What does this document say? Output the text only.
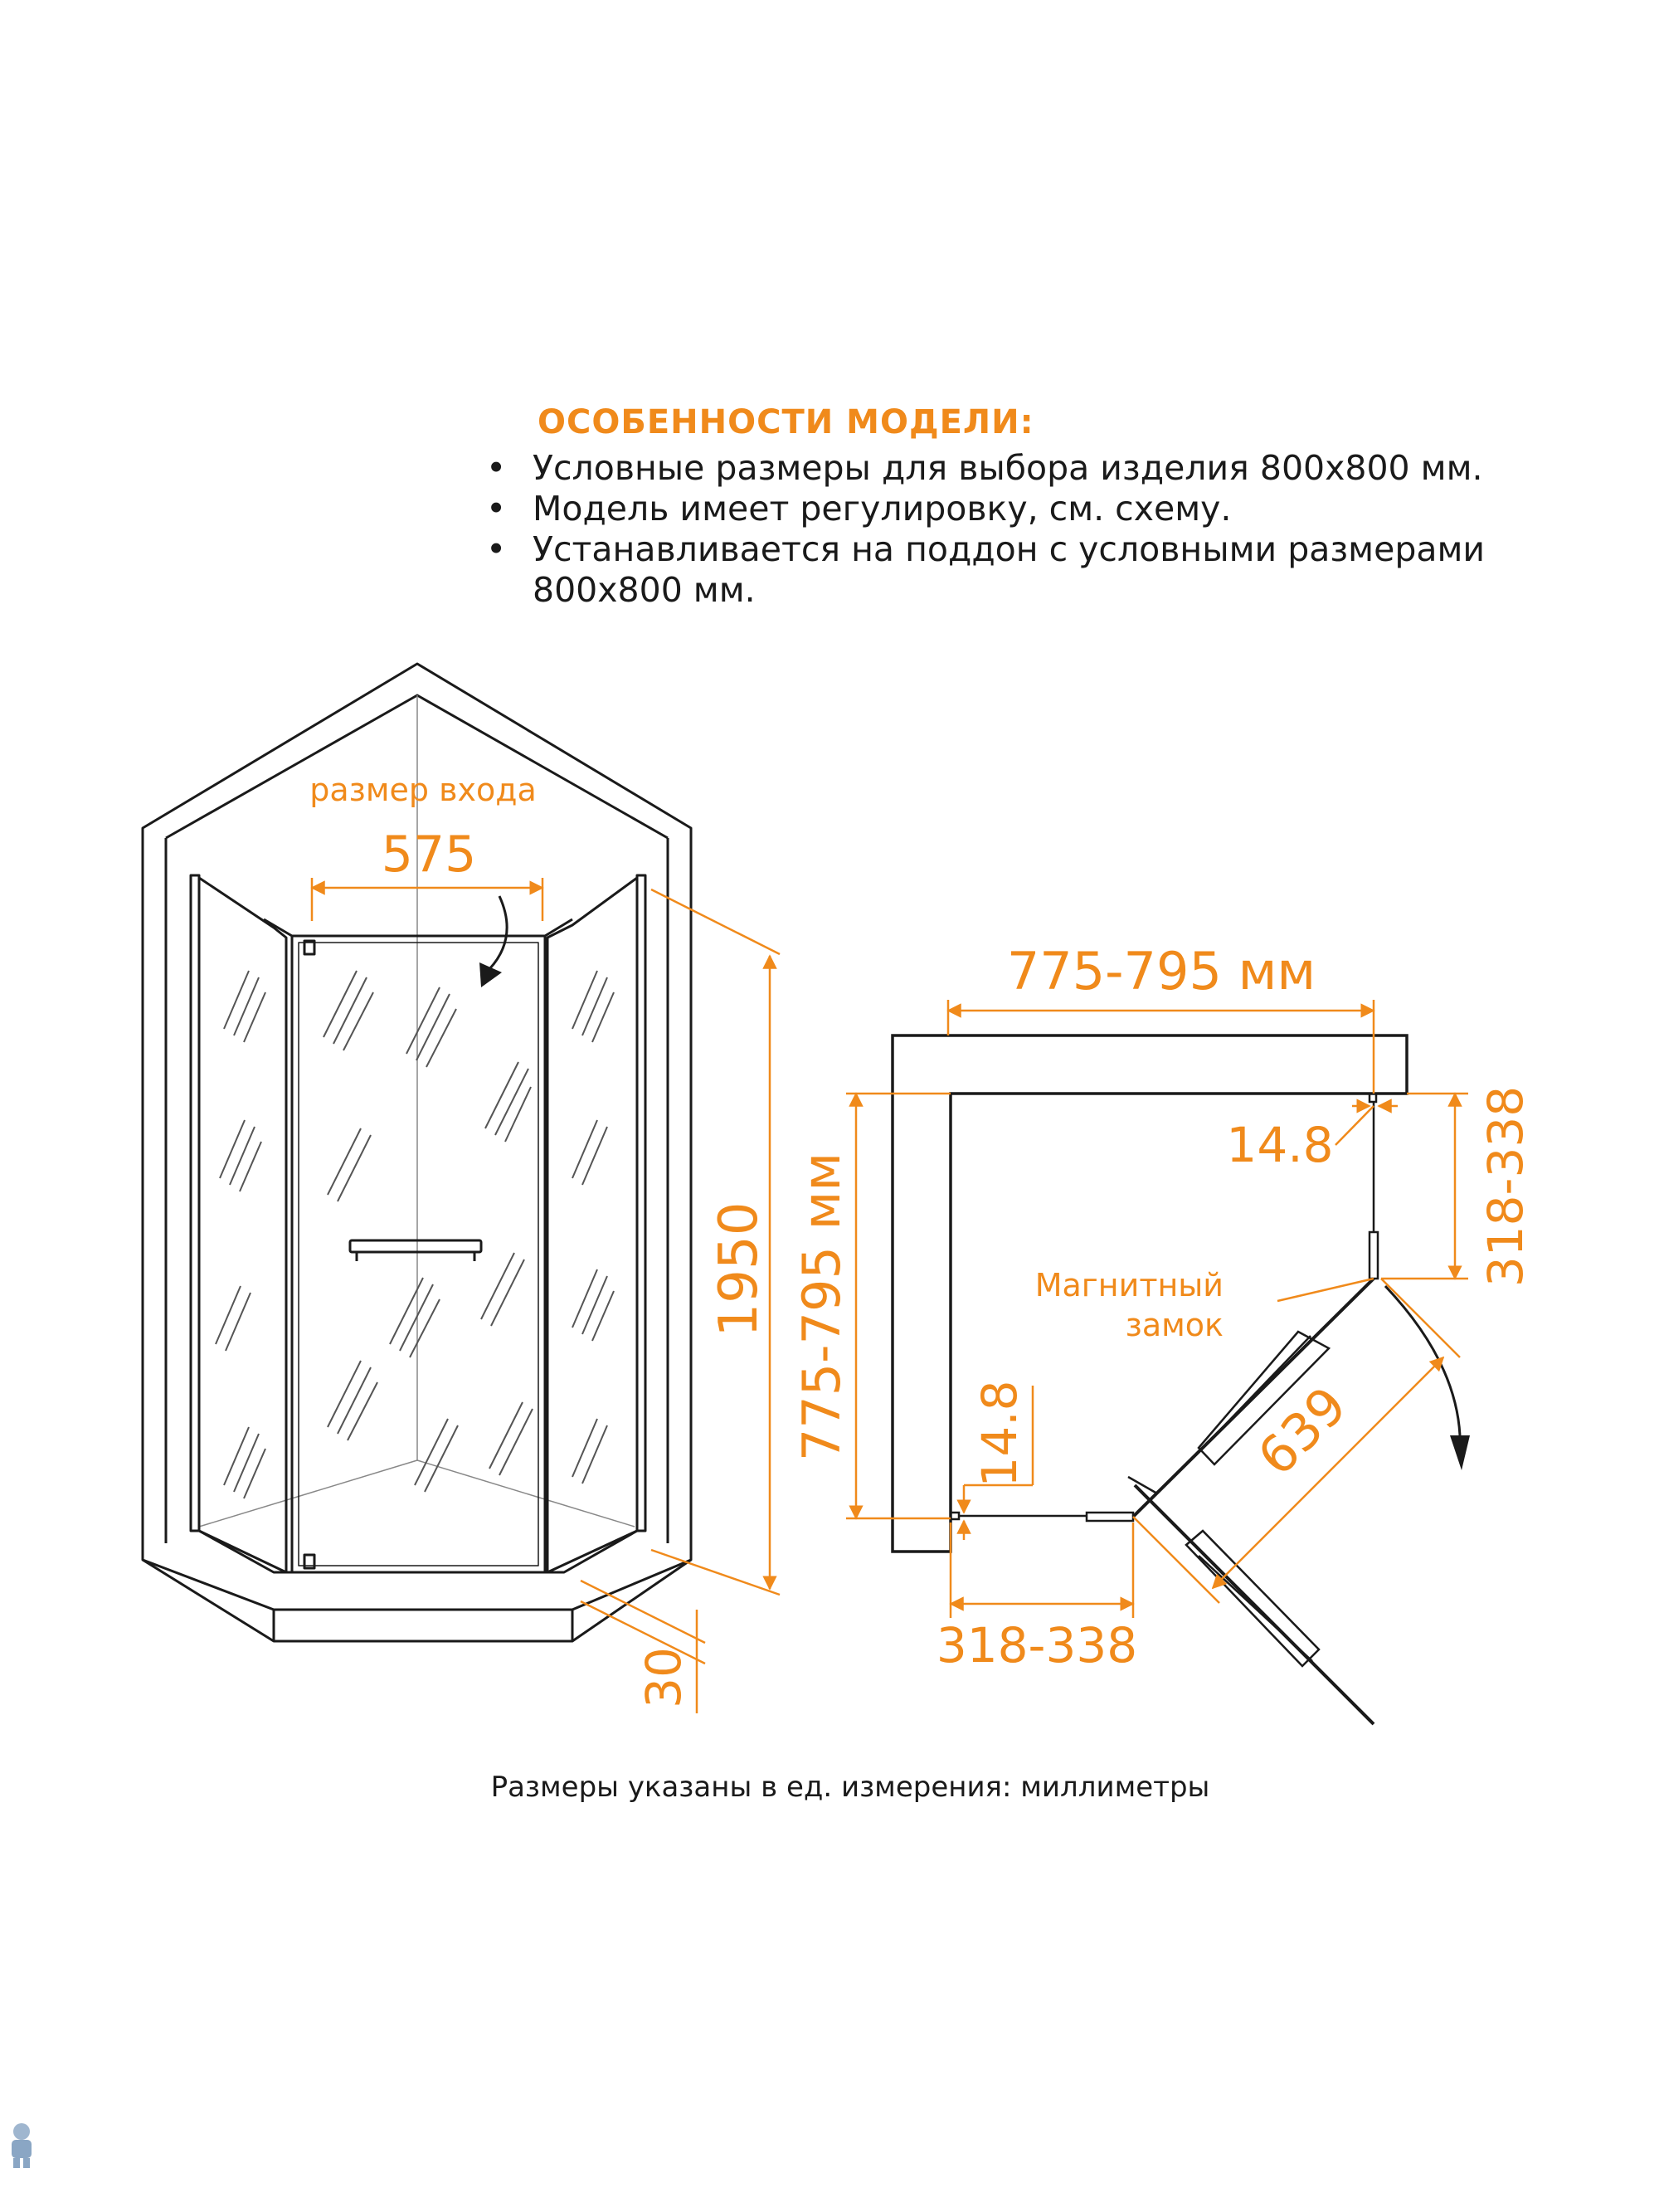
ОСОБЕННОСТИ МОДЕЛИ:
• Условные размеры для выбора изделия 800х800 мм.
• Модель имеет регулировку, см. схему.
• Устанавливается на поддон с условными размерами 800х800 мм.
размер входа
575
1950
30
775-795 мм
775-795 мм	318-338
318-338
14.8
14.8	639
Магнитный
замок
Размеры указаны в ед. измерения: миллиметры
